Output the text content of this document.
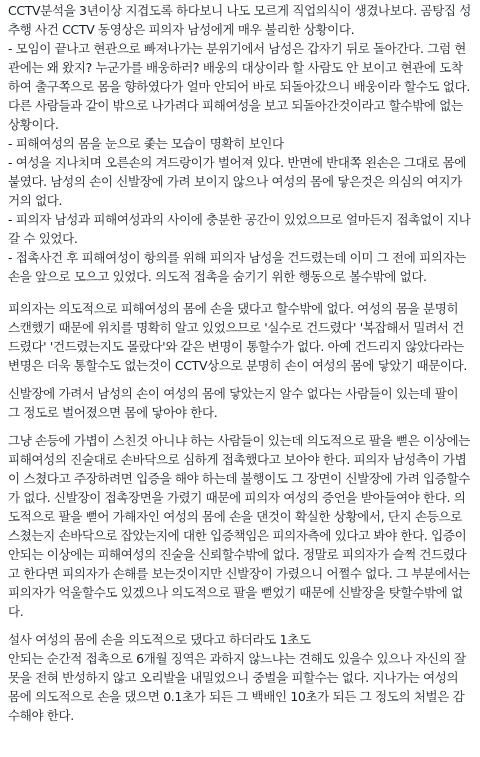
CCTV분석을 3년이상 지겹도록 하다보니 나도 모르게 직업의식이 생겼나보다. 곰탕집 성추행 사건 CCTV 동영상은 피의자 남성에게 매우 불리한 상황이다.

- 모임이 끝나고 현관으로 빠져나가는 분위기에서 남성은 갑자기 뒤로 돌아간다. 그럼 현관에는 왜 왔지? 누군가를 배웅하러? 배웅의 대상이라 할 사람도 안 보이고 현관에 도착하여 출구쪽으로 몸을 향하였다가 얼마 안되어 바로 되돌아갔으니 배웅이라 할수도 없다. 다른 사람들과 같이 밖으로 나가려다 피해여성을 보고 되돌아간것이라고 할수밖에 없는 상황이다.
- 피해여성의 몸을 눈으로 좇는 모습이 명확히 보인다
- 여성을 지나치며 오른손의 겨드랑이가 벌어져 있다. 반면에 반대쪽 왼손은 그대로 몸에 붙였다. 남성의 손이 신발장에 가려 보이지 않으나 여성의 몸에 닿은것은 의심의 여지가 거의 없다.
- 피의자 남성과 피해여성과의 사이에 충분한 공간이 있었으므로 얼마든지 접촉없이 지나갈 수 있었다.
- 접촉사건 후 피해여성이 항의를 위해 피의자 남성을 건드렸는데 이미 그 전에 피의자는 손을 앞으로 모으고 있었다. 의도적 접촉을 숨기기 위한 행동으로 볼수밖에 없다.

피의자는 의도적으로 피해여성의 몸에 손을 댔다고 할수밖에 없다. 여성의 몸을 분명히 스캔했기 때문에 위치를 명확히 알고 있었으므로 '실수로 건드렸다' '복잡해서 밀려서 건드렸다' '건드렸는지도 몰랐다'와 같은 변명이 통할수가 없다. 아예 건드리지 않았다라는 변명은 더욱 통할수도 없는것이 CCTV상으로 분명히 손이 여성의 몸에 닿았기 때문이다.

신발장에 가려서 남성의 손이 여성의 몸에 닿았는지 알수 없다는 사람들이 있는데 팔이 그 정도로 벌어졌으면 몸에 닿아야 한다.

그냥 손등에 가볍이 스친것 아니냐 하는 사람들이 있는데 의도적으로 팔을 뻗은 이상에는 피해여성의 진술대로 손바닥으로 심하게 접촉했다고 보아야 한다. 피의자 남성측이 가볍이 스쳤다고 주장하려면 입증을 해야 하는데 불행이도 그 장면이 신발장에 가려 입증할수가 없다. 신발장이 접촉장면을 가렸기 때문에 피의자 여성의 증언을 받아들여야 한다. 의도적으로 팔을 뻗어 가해자인 여성의 몸에 손을 댄것이 확실한 상황에서, 단지 손등으로 스쳤는지 손바닥으로 잡았는지에 대한 입증책임은 피의자측에 있다고 봐야 한다. 입증이 안되는 이상에는 피해여성의 진술을 신뢰할수밖에 없다. 정말로 피의자가 슬쩍 건드렸다고 한다면 피의자가 손해를 보는것이지만 신발장이 가렸으니 어쩔수 없다. 그 부분에서는 피의자가 억울할수도 있겠으나 의도적으로 팔을 뻗었기 때문에 신발장을 탓할수밖에 없다.

설사 여성의 몸에 손을 의도적으로 댔다고 하더라도 1초도
안되는 순간적 접촉으로 6개월 징역은 과하지 않느냐는 견해도 있을수 있으나 자신의 잘못을 전혀 반성하지 않고 오리발을 내밀었으니 중벌을 피할수는 없다. 지나가는 여성의 몸에 의도적으로 손을 댔으면 0.1초가 되든 그 백배인 10초가 되든 그 정도의 처벌은 감수해야 한다.
